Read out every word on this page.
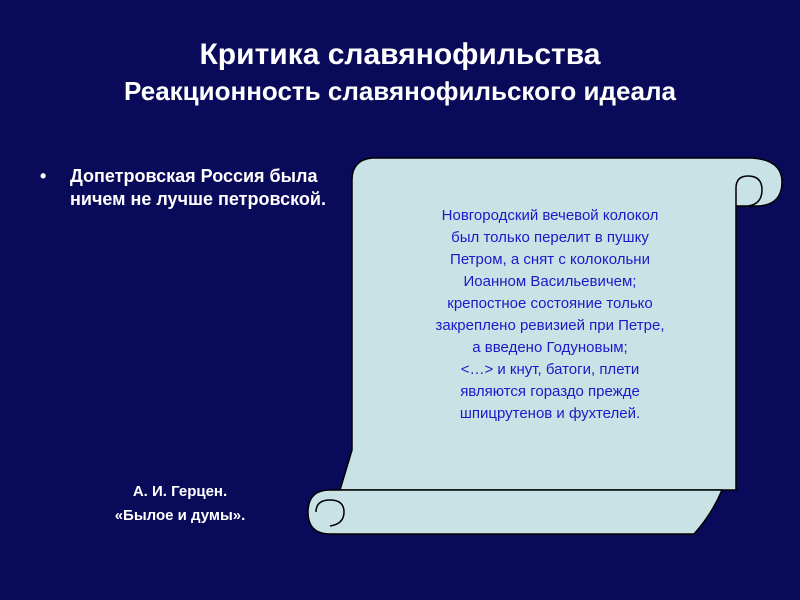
Критика славянофильства
Реакционность славянофильского идеала
• Допетровская Россия была ничем не лучше петровской.
Новгородский вечевой колокол
был только перелит в пушку
Петром, а снят с колокольни
Иоанном Васильевичем;
крепостное состояние только
закреплено ревизией при Петре,
а введено Годуновым;
<…> и кнут, батоги, плети
являются гораздо прежде
шпицрутенов и фухтелей.
А. И. Герцен.
«Былое и думы».
